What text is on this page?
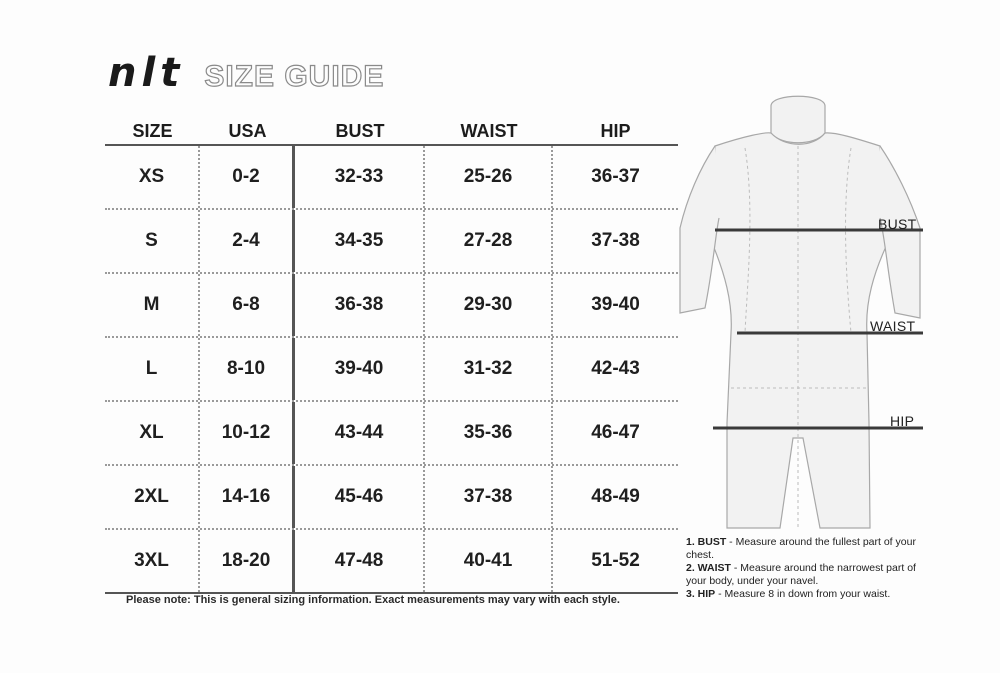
nlt SIZE GUIDE
SIZE	USA	BUST	WAIST	HIP
XS	0-2	32-33	25-26	36-37
S	2-4	34-35	27-28	37-38
M	6-8	36-38	29-30	39-40
L	8-10	39-40	31-32	42-43
XL	10-12	43-44	35-36	46-47
2XL	14-16	45-46	37-38	48-49
3XL	18-20	47-48	40-41	51-52
Please note: This is general sizing information. Exact measurements may vary with each style.
BUST
WAIST
HIP

1. BUST - Measure around the fullest part of your chest.

2. WAIST - Measure around the narrowest part of your body, under your navel.

3. HIP - Measure 8 in down from your waist.
